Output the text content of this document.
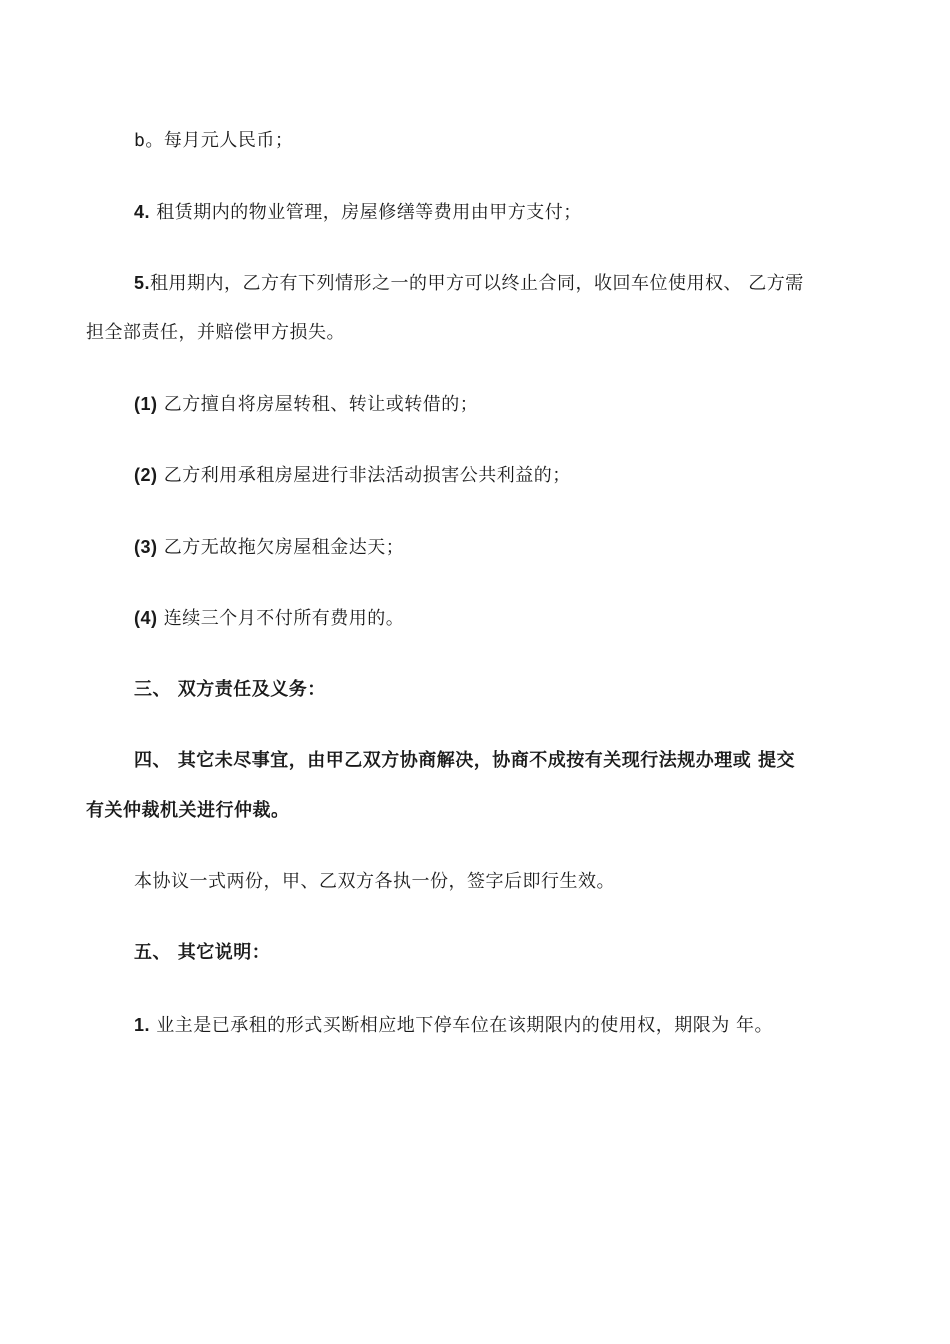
b。每月元人民币；
4. 租赁期内的物业管理，房屋修缮等费用由甲方支付；
5.租用期内，乙方有下列情形之一的甲方可以终止合同，收回车位使用权、 乙方需
担全部责任，并赔偿甲方损失。
(1) 乙方擅自将房屋转租、转让或转借的；
(2) 乙方利用承租房屋进行非法活动损害公共利益的；
(3) 乙方无故拖欠房屋租金达天；
(4) 连续三个月不付所有费用的。
三、 双方责任及义务：
四、 其它未尽事宜，由甲乙双方协商解决，协商不成按有关现行法规办理或 提交
有关仲裁机关进行仲裁。
本协议一式两份，甲、乙双方各执一份，签字后即行生效。
五、 其它说明：
1. 业主是已承租的形式买断相应地下停车位在该期限内的使用权，期限为 年。
